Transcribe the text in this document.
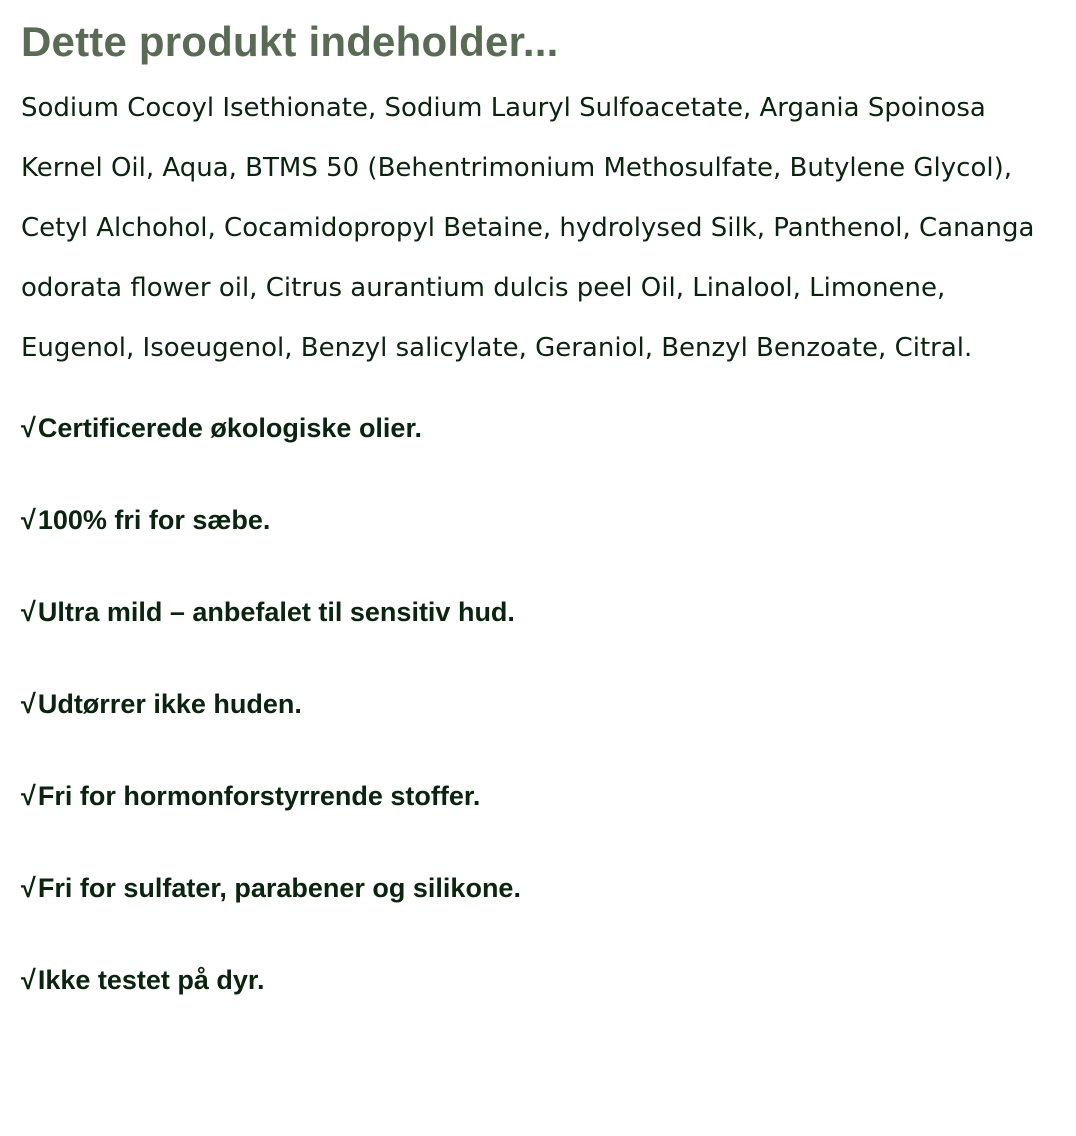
Dette produkt indeholder...

Sodium Cocoyl Isethionate, Sodium Lauryl Sulfoacetate, Argania Spoinosa Kernel Oil, Aqua, BTMS 50 (Behentrimonium Methosulfate, Butylene Glycol), Cetyl Alchohol, Cocamidopropyl Betaine, hydrolysed Silk, Panthenol, Cananga odorata flower oil, Citrus aurantium dulcis peel Oil, Linalool, Limonene, Eugenol, Isoeugenol, Benzyl salicylate, Geraniol, Benzyl Benzoate, Citral.

√Certificerede økologiske olier.
√100% fri for sæbe.
√Ultra mild – anbefalet til sensitiv hud.
√Udtørrer ikke huden.
√Fri for hormonforstyrrende stoffer.
√Fri for sulfater, parabener og silikone.
√Ikke testet på dyr.
